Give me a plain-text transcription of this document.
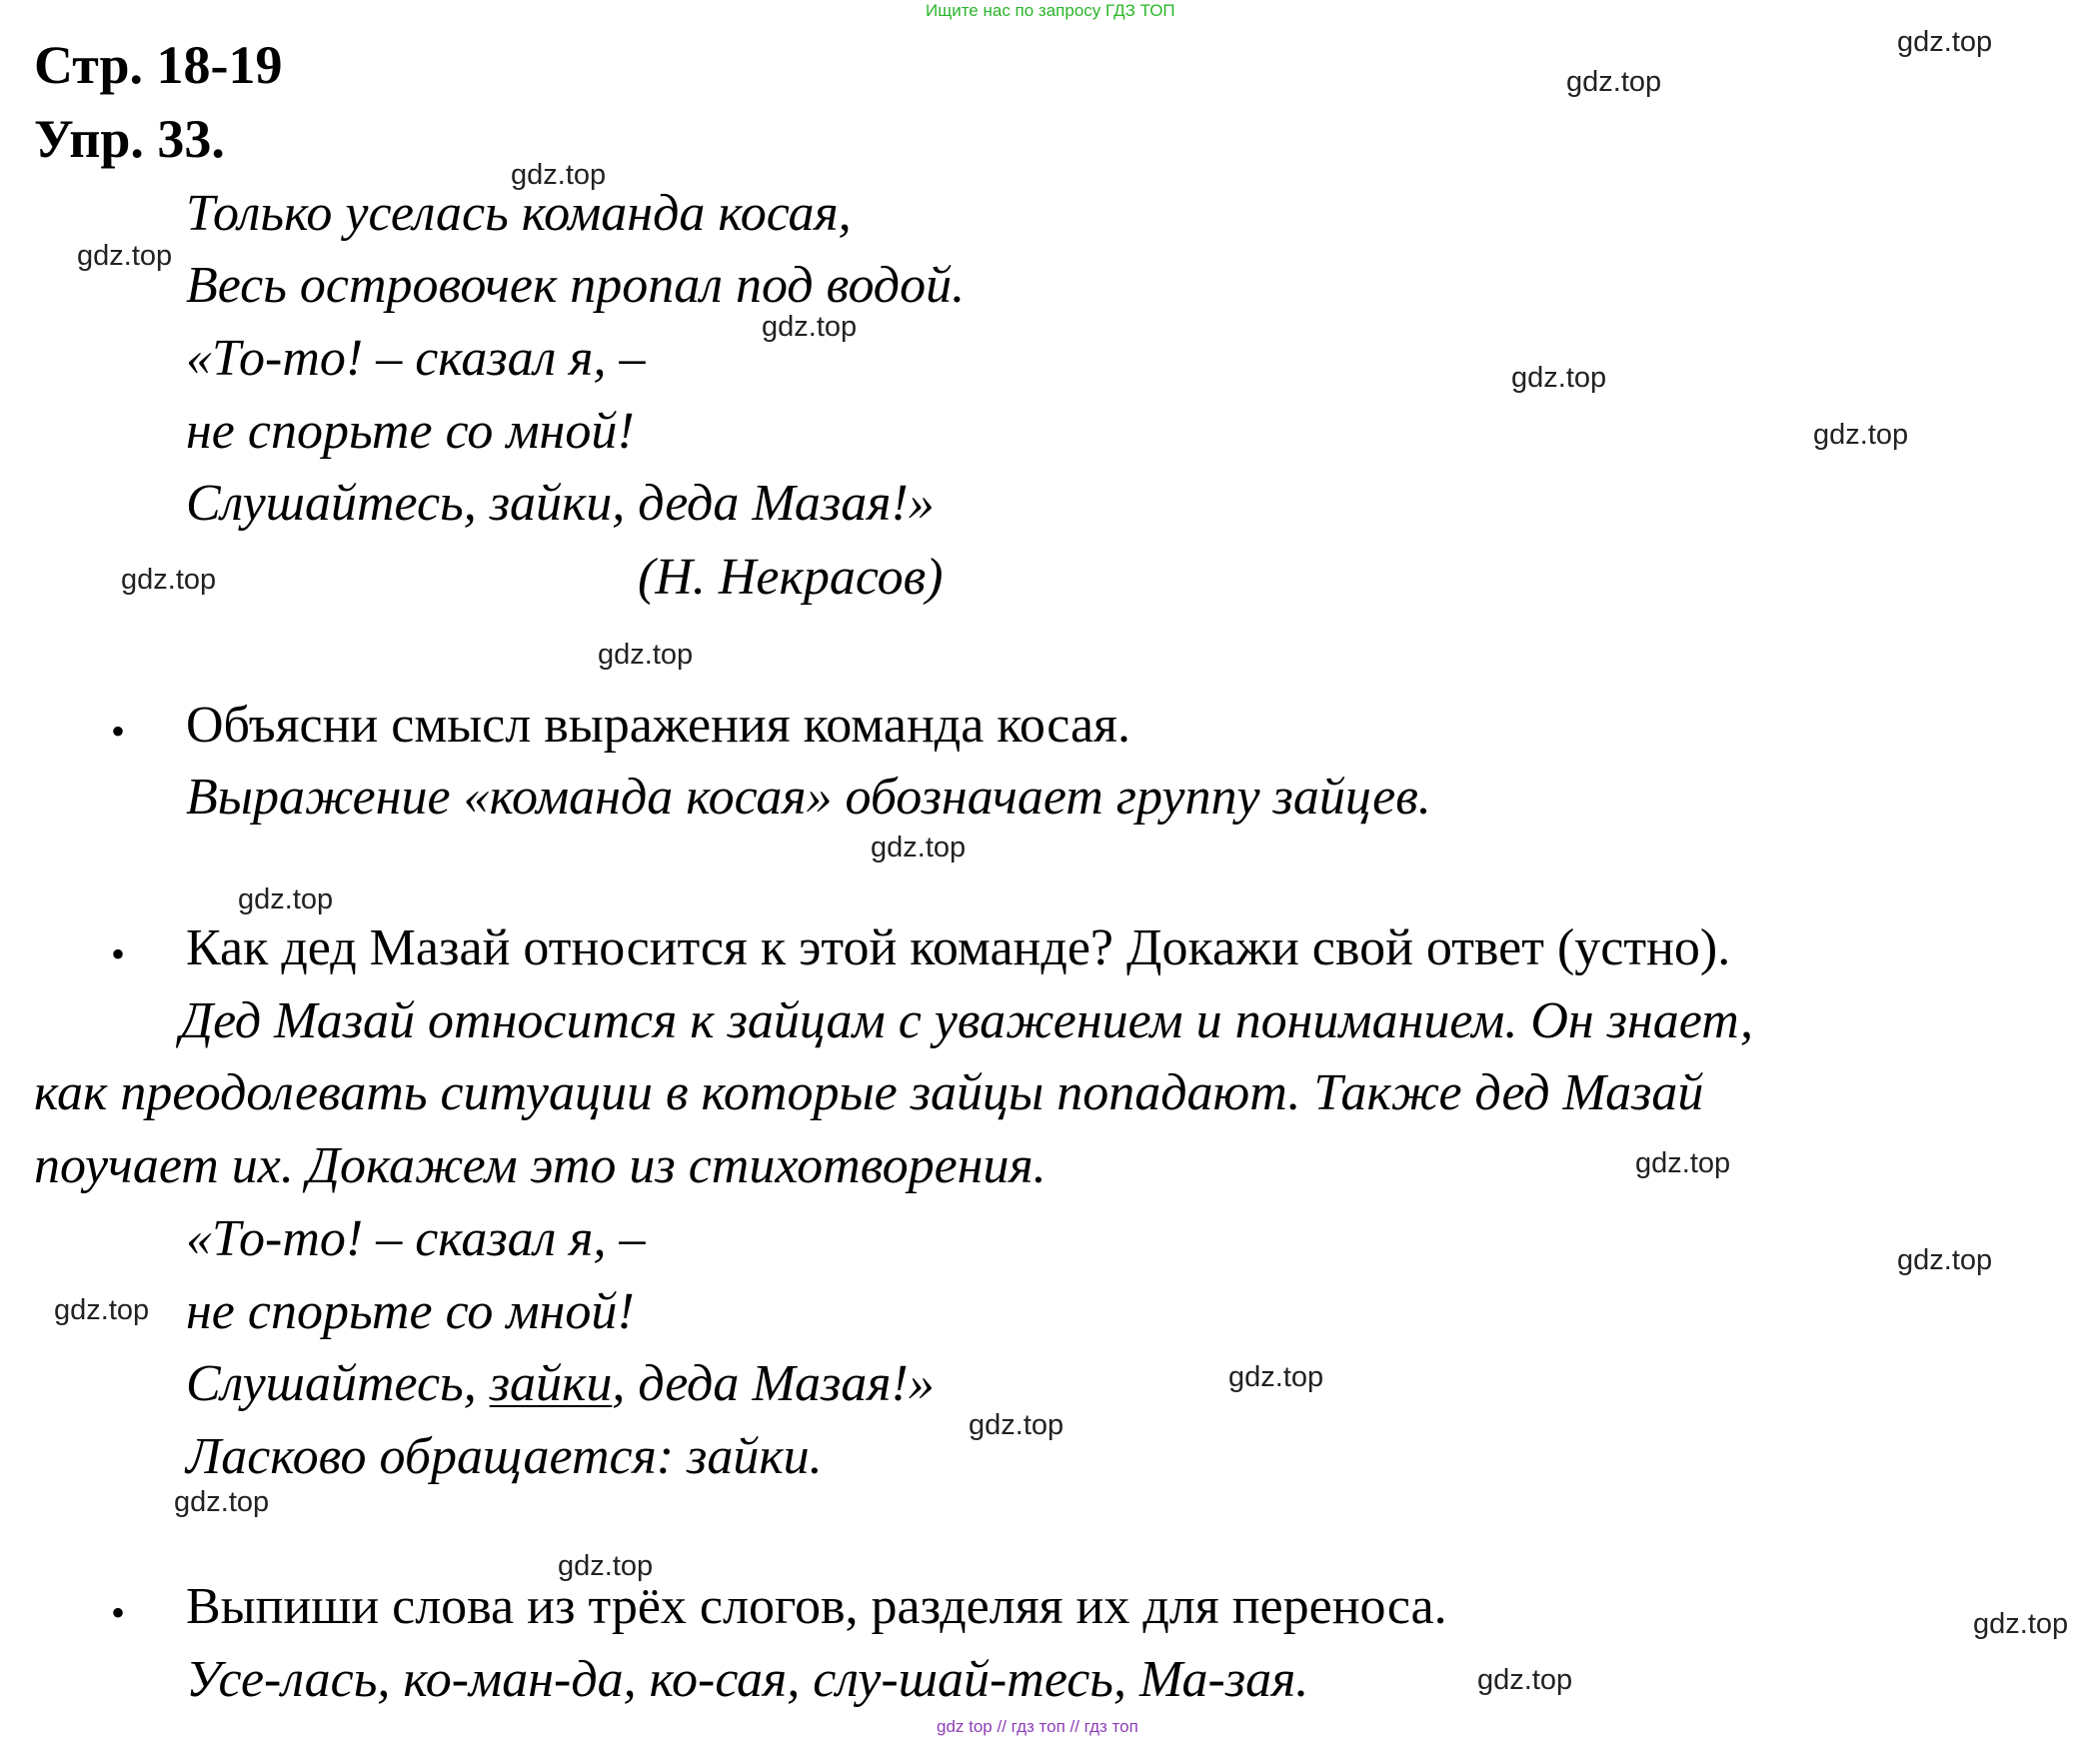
Ищите нас по запросу ГДЗ ТОП
Стр. 18-19
Упр. 33.
Только уселась команда косая,
Весь островочек пропал под водой.
«То-то! – сказал я, –
не спорьте со мной!
Слушайтесь, зайки, деда Мазая!»
(Н. Некрасов)
• Объясни смысл выражения команда косая.
Выражение «команда косая» обозначает группу зайцев.
• Как дед Мазай относится к этой команде? Докажи свой ответ (устно).
Дед Мазай относится к зайцам с уважением и пониманием. Он знает,
как преодолевать ситуации в которые зайцы попадают. Также дед Мазай
поучает их. Докажем это из стихотворения.
«То-то! – сказал я, –
не спорьте со мной!
Слушайтесь, зайки, деда Мазая!»
Ласково обращается: зайки.
• Выпиши слова из трёх слогов, разделяя их для переноса.
Усе-лась, ко-ман-да, ко-сая, слу-шай-тесь, Ма-зая.
gdz.top
gdz.top
gdz.top
gdz.top
gdz.top
gdz.top
gdz.top
gdz.top
gdz.top
gdz.top
gdz.top
gdz.top
gdz.top
gdz.top
gdz.top
gdz.top
gdz.top
gdz.top
gdz.top
gdz.top
gdz top // гдз топ // гдз топ
